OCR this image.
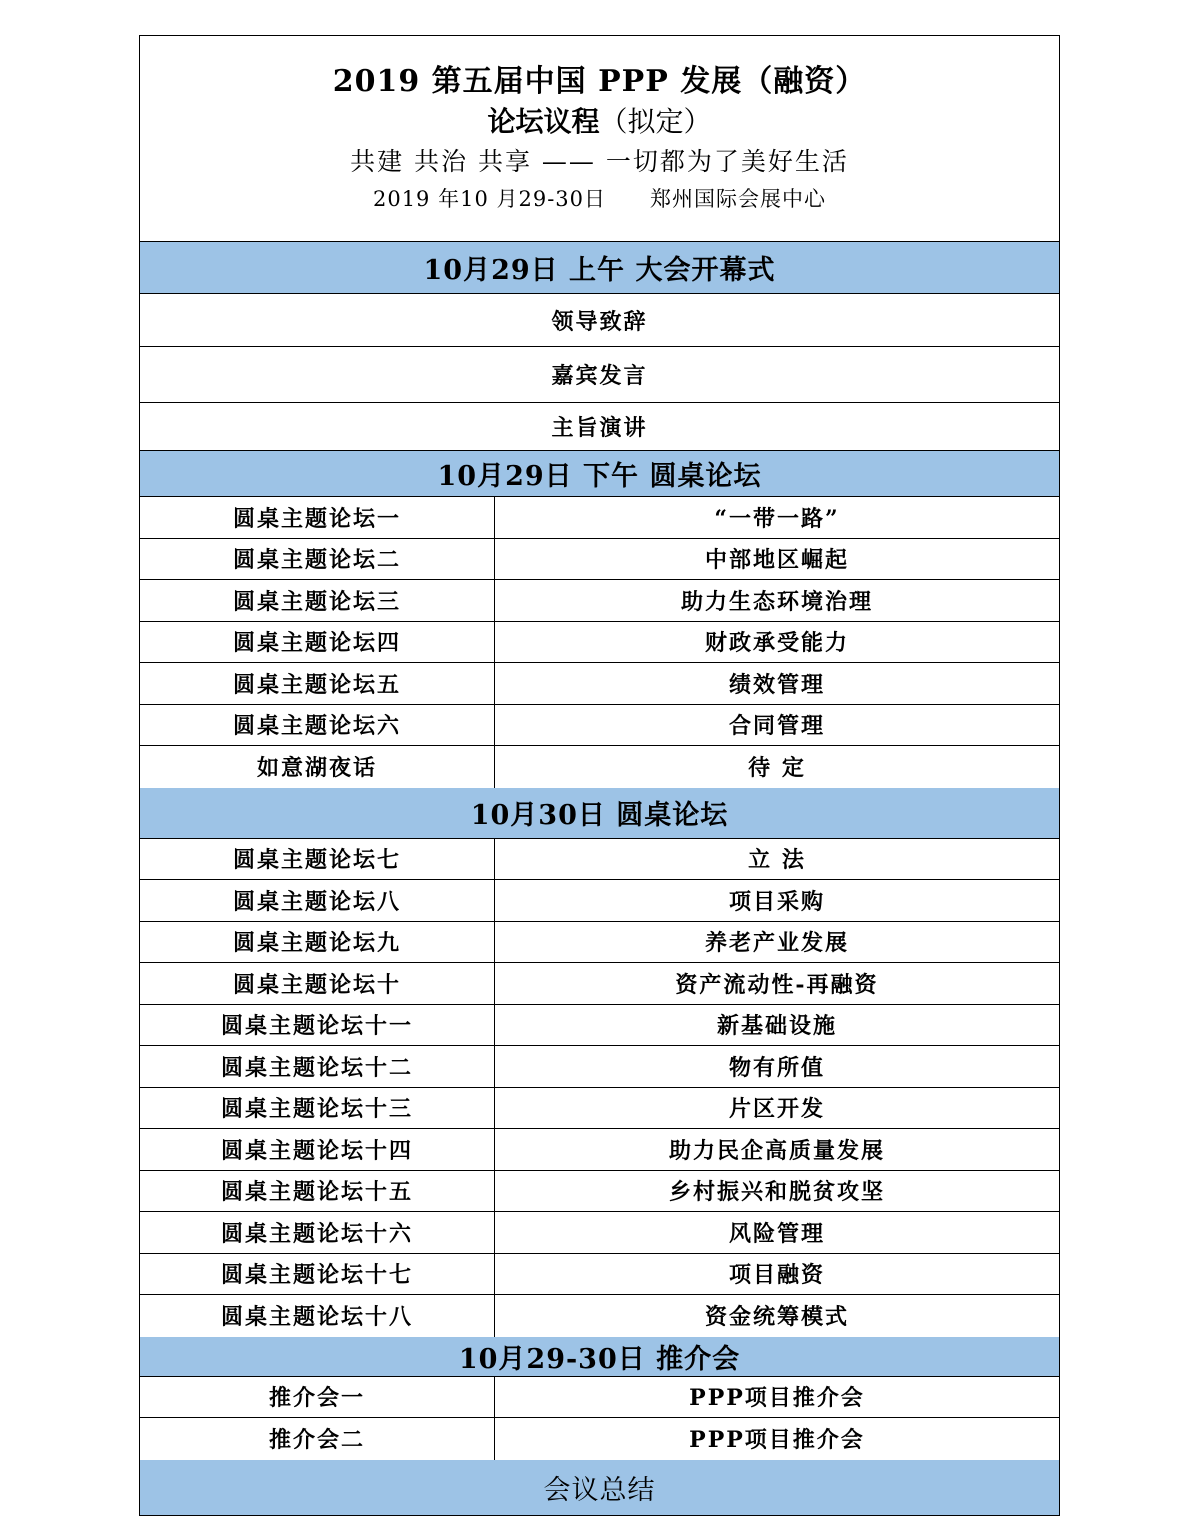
2019 第五届中国 PPP 发展（融资）
论坛议程（拟定）
共建 共治 共享 —— 一切都为了美好生活
2019 年10 月29-30日　　郑州国际会展中心
10月29日 上午 大会开幕式
领导致辞
嘉宾发言
主旨演讲
10月29日 下午 圆桌论坛
圆桌主题论坛一	“一带一路”
圆桌主题论坛二	中部地区崛起
圆桌主题论坛三	助力生态环境治理
圆桌主题论坛四	财政承受能力
圆桌主题论坛五	绩效管理
圆桌主题论坛六	合同管理
如意湖夜话	待 定
10月30日 圆桌论坛
圆桌主题论坛七	立 法
圆桌主题论坛八	项目采购
圆桌主题论坛九	养老产业发展
圆桌主题论坛十	资产流动性-再融资
圆桌主题论坛十一	新基础设施
圆桌主题论坛十二	物有所值
圆桌主题论坛十三	片区开发
圆桌主题论坛十四	助力民企高质量发展
圆桌主题论坛十五	乡村振兴和脱贫攻坚
圆桌主题论坛十六	风险管理
圆桌主题论坛十七	项目融资
圆桌主题论坛十八	资金统筹模式
10月29-30日 推介会
推介会一	PPP项目推介会
推介会二	PPP项目推介会
会议总结
